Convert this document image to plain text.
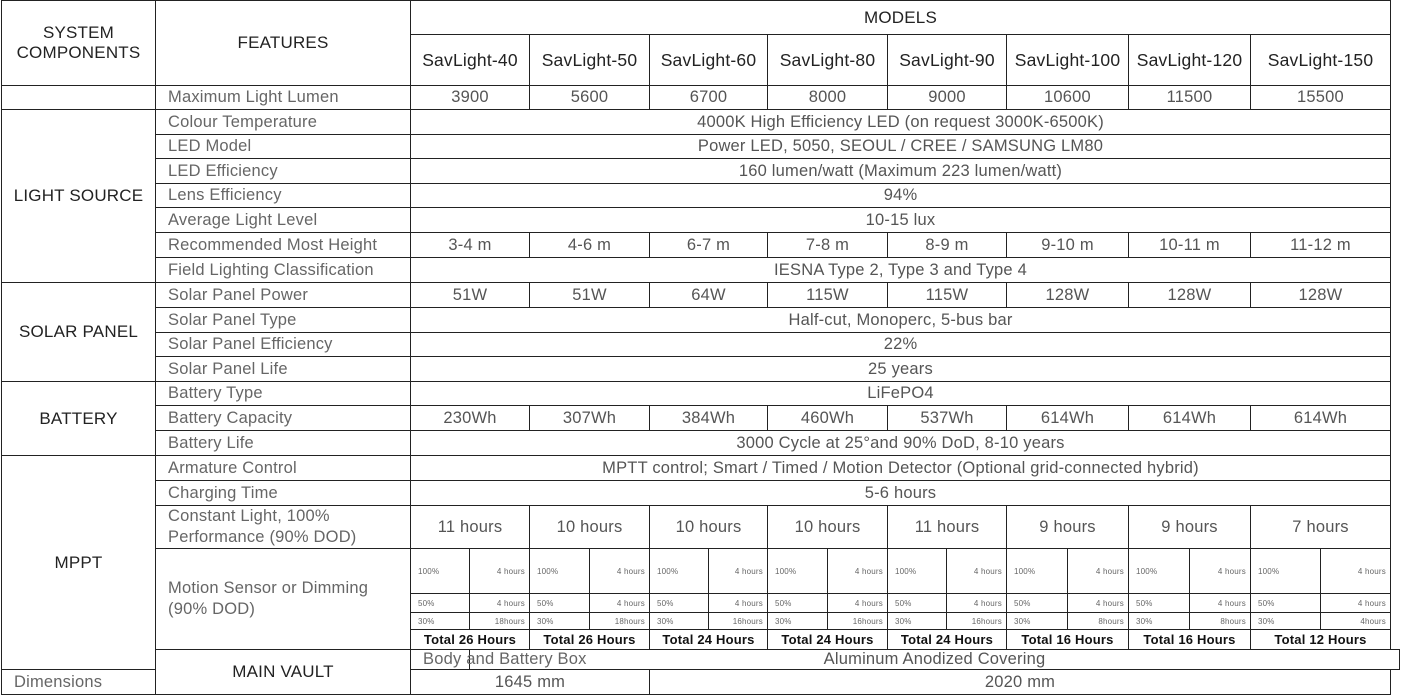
SYSTEM COMPONENTS	FEATURES	MODELS															
		SavLight-40		SavLight-50		SavLight-60		SavLight-80		SavLight-90		SavLight-100		SavLight-120		SavLight-150	
	Maximum Light Lumen	3900		5600		6700		8000		9000		10600		11500		15500	
LIGHT SOURCE	Colour Temperature	4000K High Efficiency LED (on request 3000K-6500K)															
	LED Model	Power LED, 5050, SEOUL / CREE / SAMSUNG LM80															
	LED Efficiency	160 lumen/watt (Maximum 223 lumen/watt)															
	Lens Efficiency	94%															
	Average Light Level	10-15 lux															
	Recommended Most Height	3-4 m		4-6 m		6-7 m		7-8 m		8-9 m		9-10 m		10-11 m		11-12 m	
	Field Lighting Classification	IESNA Type 2, Type 3 and Type 4															
SOLAR PANEL	Solar Panel Power	51W		51W		64W		115W		115W		128W		128W		128W	
	Solar Panel Type	Half-cut, Monoperc, 5-bus bar															
	Solar Panel Efficiency	22%															
	Solar Panel Life	25 years															
BATTERY	Battery Type	LiFePO4															
	Battery Capacity	230Wh		307Wh		384Wh		460Wh		537Wh		614Wh		614Wh		614Wh	
	Battery Life	3000 Cycle at 25°and 90% DoD, 8-10 years															
MPPT	Armature Control	MPTT control; Smart / Timed / Motion Detector (Optional grid-connected hybrid)															
	Charging Time	5-6 hours															
	Constant Light, 100% Performance (90% DOD)	11 hours		10 hours		10 hours		10 hours		11 hours		9 hours		9 hours		7 hours	
	Motion Sensor or Dimming (90% DOD)	100%	4 hours	100%	4 hours	100%	4 hours	100%	4 hours	100%	4 hours	100%	4 hours	100%	4 hours	100%	4 hours
		50%	4 hours	50%	4 hours	50%	4 hours	50%	4 hours	50%	4 hours	50%	4 hours	50%	4 hours	50%	4 hours
		30%	18hours	30%	18hours	30%	16hours	30%	16hours	30%	16hours	30%	8hours	30%	8hours	30%	4hours
		Total 26 Hours		Total 26 Hours		Total 24 Hours		Total 24 Hours		Total 24 Hours		Total 16 Hours		Total 16 Hours		Total 12 Hours	
	MAIN VAULT	Body and Battery Box	Aluminum Anodized Covering														
Dimensions		1645 mm				2020 mm											
